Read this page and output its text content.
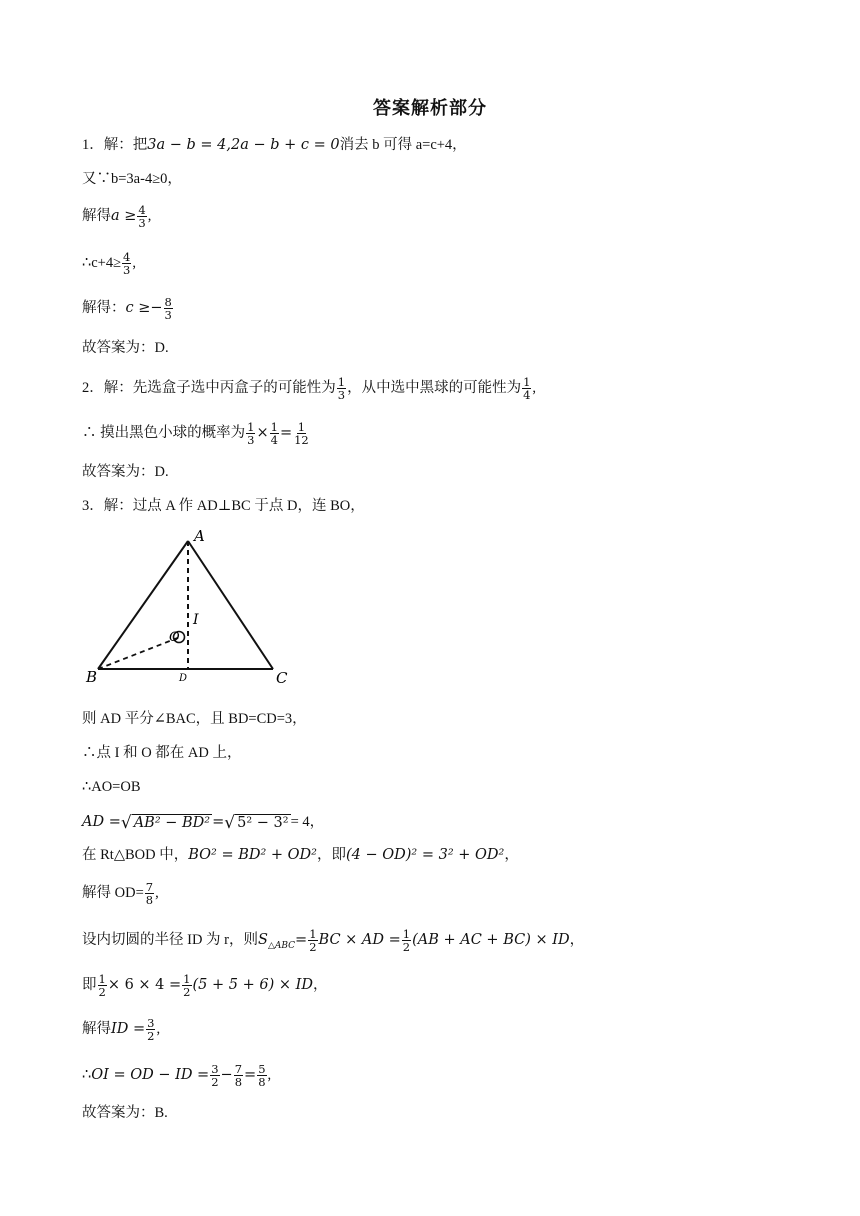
答案解析部分
1．解：把 3a − b = 4,2a − b + c = 0 消去 b 可得 a=c+4，
又∵b=3a-4≥0，
解得 $a \ge \frac{4}{3}$ ,
∴c+4≥ $\frac{4}{3}$ ,
解得： $c \ge- \frac{8}{3}$
故答案为：D.
2．解：先选盒子选中丙盒子的可能性为 $\frac{1}{3}$ ，从中选中黑球的可能性为 $\frac{1}{4}$ ,
∴ 摸出黑色小球的概率为 $\frac{1}{3} \times \frac{1}{4} = \frac{1}{12}$
故答案为：D.
3．解：过点 A 作 AD⊥BC 于点 D，连 BO，
A
B	C
D
O
I
则 AD 平分∠BAC，且 BD=CD=3，
∴点 I 和 O 都在 AD 上，
∴AO=OB
AD = √ AB² − BD² = √ 5² − 3² = 4，
在 Rt△BOD 中， BO² = BD² + OD² ，即 (4 − OD)² = 3² + OD² ，
解得 $OD= \frac{7}{8}$ ,
设内切圆的半径 ID 为 r，则 $S_{\triangle ABC} = \frac{1}{2}$ BC × AD = $\frac{1}{2} (AB$ + AC + BC) × ID ，
即 $\frac{1}{2} \times 6 \times 4 = \frac{1}{2} (5 + 5 + 6)$ × ID ，
解得 ID = $\frac{3}{2}$ ,
∴ OI = OD − ID = $\frac{3}{2} - \frac{7}{8} = \frac{5}{8}$ ,
故答案为：B.
